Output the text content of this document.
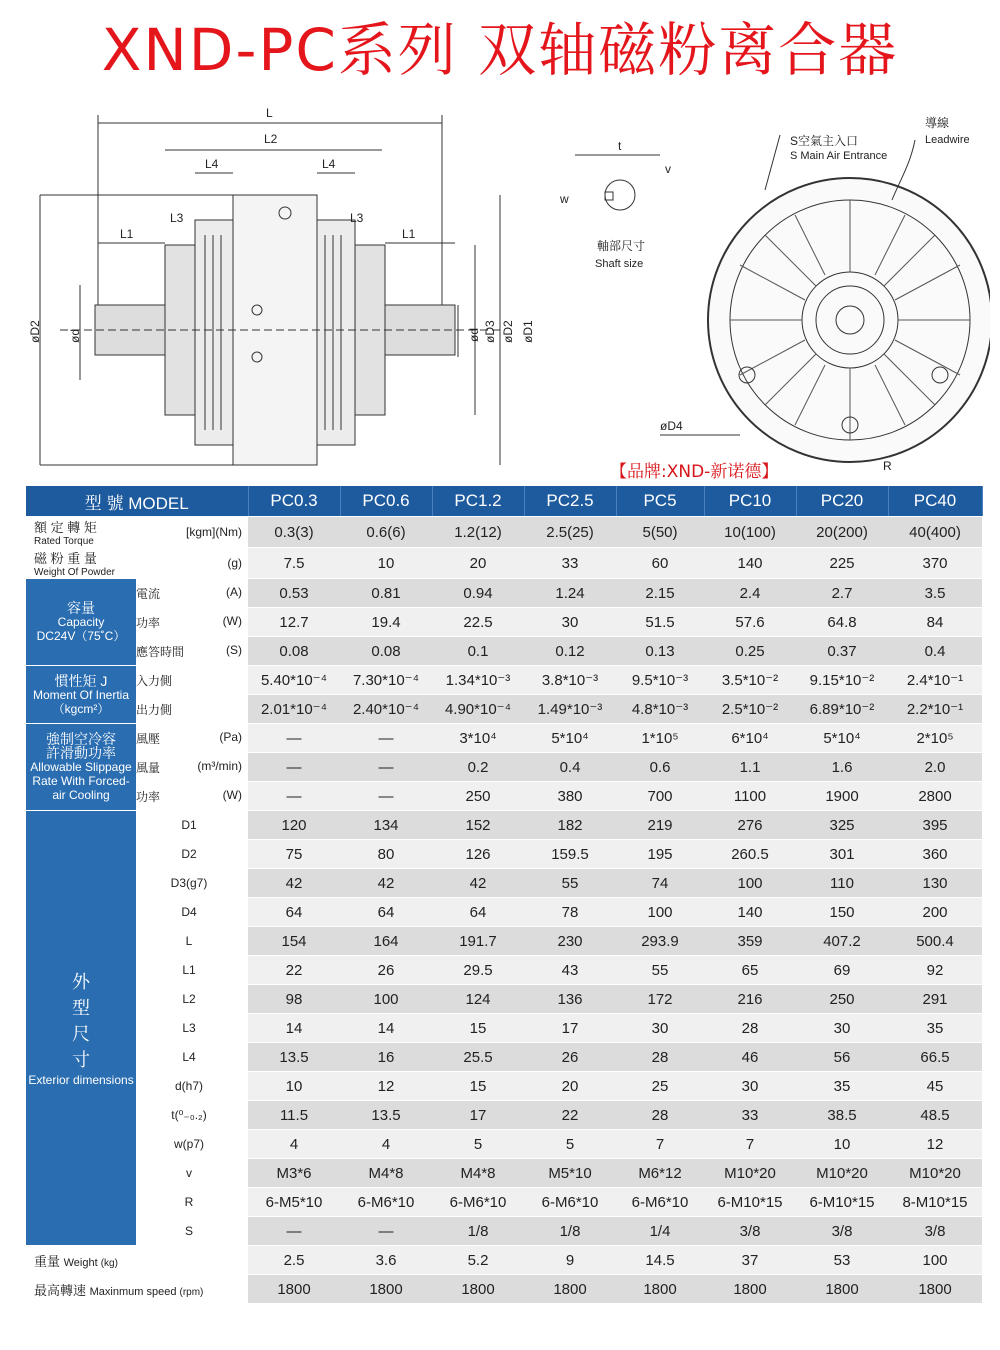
XND-PC系列 双轴磁粉离合器
L
L2
L4	L4
L3	L3
L1	L1
øD2 ød	ød øD3 øD2 øD1
t
v
w
軸部尺寸
Shaft size
S空氣主入口
S Main Air Entrance
導線
Leadwire
øD4
R
【品牌:XND-新诺德】
型 號 MODEL		PC0.3	PC0.6	PC1.2	PC2.5	PC5	PC10	PC20	PC40
額 定 轉 矩
Rated Torque	[kgm](Nm)	0.3(3)	0.6(6)	1.2(12)	2.5(25)	5(50)	10(100)	20(200)	40(400)
磁 粉 重 量
Weight Of Powder	(g)	7.5	10	20	33	60	140	225	370

容量
Capacity
DC24V（75˚C）	電流 (A)	0.53	0.81	0.94	1.24	2.15	2.4	2.7	3.5
	功率 (W)	12.7	19.4	22.5	30	51.5	57.6	64.8	84
	應答時間 (S)	0.08	0.08	0.1	0.12	0.13	0.25	0.37	0.4

慣性矩 J
Moment Of Inertia
（kgcm²）	入力側	5.40*10⁻⁴	7.30*10⁻⁴	1.34*10⁻³	3.8*10⁻³	9.5*10⁻³	3.5*10⁻²	9.15*10⁻²	2.4*10⁻¹
	出力側	2.01*10⁻⁴	2.40*10⁻⁴	4.90*10⁻⁴	1.49*10⁻³	4.8*10⁻³	2.5*10⁻²	6.89*10⁻²	2.2*10⁻¹

強制空冷容
許滑動功率
Allowable Slippage Rate With Forced-air Cooling	風壓 (Pa)	—	—	3*10⁴	5*10⁴	1*10⁵	6*10⁴	5*10⁴	2*10⁵
	風量 (m³/min)	—	—	0.2	0.4	0.6	1.1	1.6	2.0
	功率 (W)	—	—	250	380	700	1100	1900	2800

外
型
尺
寸
Exterior dimensions	D1	120	134	152	182	219	276	325	395
	D2	75	80	126	159.5	195	260.5	301	360
	D3(g7)	42	42	42	55	74	100	110	130
	D4	64	64	64	78	100	140	150	200
	L	154	164	191.7	230	293.9	359	407.2	500.4
	L1	22	26	29.5	43	55	65	69	92
	L2	98	100	124	136	172	216	250	291
	L3	14	14	15	17	30	28	30	35
	L4	13.5	16	25.5	26	28	46	56	66.5
	d(h7)	10	12	15	20	25	30	35	45
	t(⁰₋₀.₂)	11.5	13.5	17	22	28	33	38.5	48.5
	w(p7)	4	4	5	5	7	7	10	12
	v	M3*6	M4*8	M4*8	M5*10	M6*12	M10*20	M10*20	M10*20
	R	6-M5*10	6-M6*10	6-M6*10	6-M6*10	6-M6*10	6-M10*15	6-M10*15	8-M10*15
	S	—	—	1/8	1/8	1/4	3/8	3/8	3/8
重量 Weight (kg)		2.5	3.6	5.2	9	14.5	37	53	100
最高轉速 Maxinmum speed (rpm)		1800	1800	1800	1800	1800	1800	1800	1800
